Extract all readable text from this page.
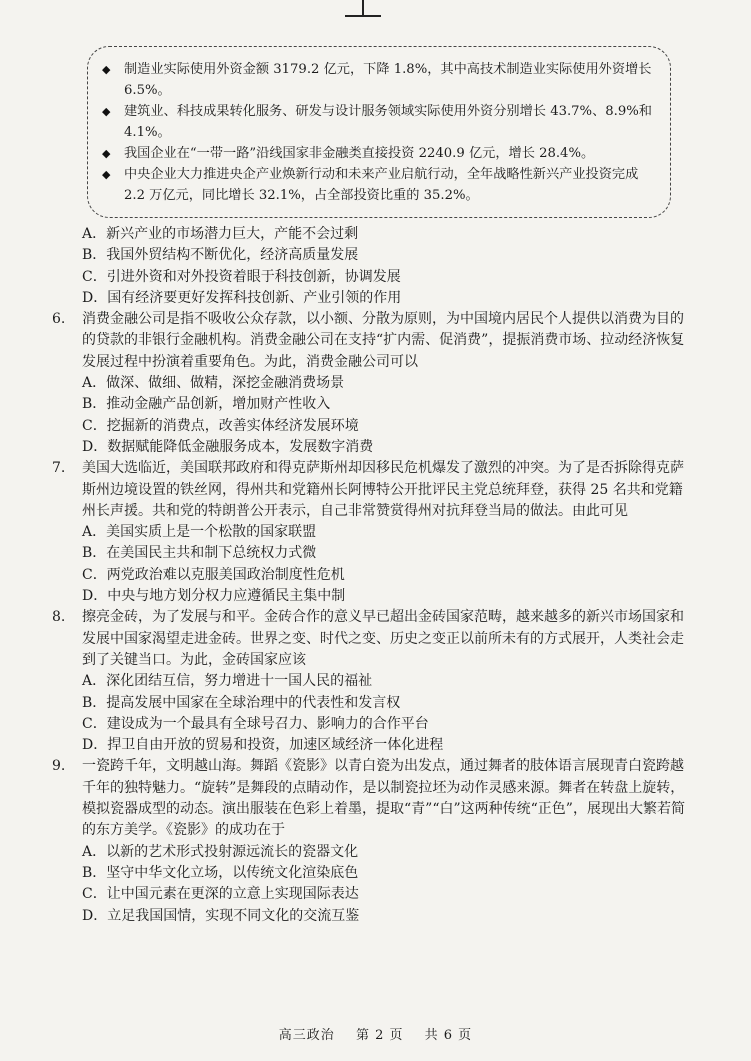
◆	制造业实际使用外资金额 3179.2 亿元，下降 1.8%，其中高技术制造业实际使用外资增长 6.5%。
◆	建筑业、科技成果转化服务、研发与设计服务领域实际使用外资分别增长 43.7%、8.9%和 4.1%。
◆	我国企业在“一带一路”沿线国家非金融类直接投资 2240.9 亿元，增长 28.4%。
◆	中央企业大力推进央企产业焕新行动和未来产业启航行动，全年战略性新兴产业投资完成 2.2 万亿元，同比增长 32.1%，占全部投资比重的 35.2%。
A．新兴产业的市场潜力巨大，产能不会过剩
B．我国外贸结构不断优化，经济高质量发展
C．引进外资和对外投资着眼于科技创新，协调发展
D．国有经济要更好发挥科技创新、产业引领的作用
6.	消费金融公司是指不吸收公众存款，以小额、分散为原则，为中国境内居民个人提供以消费为目的的贷款的非银行金融机构。消费金融公司在支持“扩内需、促消费”，提振消费市场、拉动经济恢复发展过程中扮演着重要角色。为此，消费金融公司可以
A．做深、做细、做精，深挖金融消费场景
B．推动金融产品创新，增加财产性收入
C．挖掘新的消费点，改善实体经济发展环境
D．数据赋能降低金融服务成本，发展数字消费
7.	美国大选临近，美国联邦政府和得克萨斯州却因移民危机爆发了激烈的冲突。为了是否拆除得克萨斯州边境设置的铁丝网，得州共和党籍州长阿博特公开批评民主党总统拜登，获得 25 名共和党籍州长声援。共和党的特朗普公开表示，自己非常赞赏得州对抗拜登当局的做法。由此可见
A．美国实质上是一个松散的国家联盟
B．在美国民主共和制下总统权力式微
C．两党政治难以克服美国政治制度性危机
D．中央与地方划分权力应遵循民主集中制
8.	擦亮金砖，为了发展与和平。金砖合作的意义早已超出金砖国家范畴，越来越多的新兴市场国家和发展中国家渴望走进金砖。世界之变、时代之变、历史之变正以前所未有的方式展开，人类社会走到了关键当口。为此，金砖国家应该
A．深化团结互信，努力增进十一国人民的福祉
B．提高发展中国家在全球治理中的代表性和发言权
C．建设成为一个最具有全球号召力、影响力的合作平台
D．捍卫自由开放的贸易和投资，加速区域经济一体化进程
9.	一瓷跨千年，文明越山海。舞蹈《瓷影》以青白瓷为出发点，通过舞者的肢体语言展现青白瓷跨越千年的独特魅力。“旋转”是舞段的点睛动作，是以制瓷拉坯为动作灵感来源。舞者在转盘上旋转，模拟瓷器成型的动态。演出服装在色彩上着墨，提取“青”“白”这两种传统“正色”，展现出大繁若简的东方美学。《瓷影》的成功在于
A．以新的艺术形式投射源远流长的瓷器文化
B．坚守中华文化立场，以传统文化渲染底色
C．让中国元素在更深的立意上实现国际表达
D．立足我国国情，实现不同文化的交流互鉴
高三政治 第 2 页 共 6 页
